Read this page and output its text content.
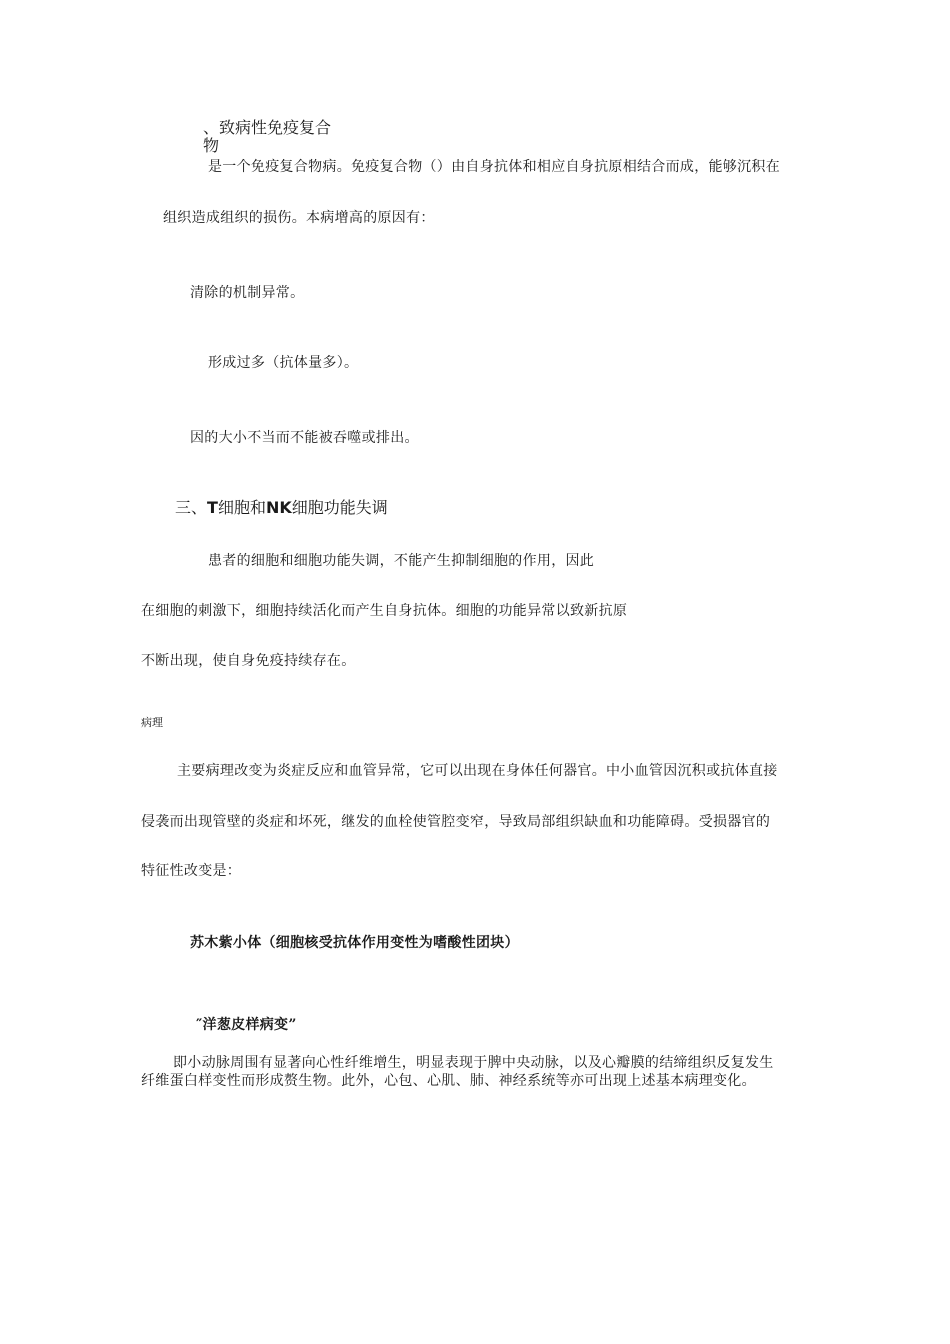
、致病性免疫复合
物
是一个免疫复合物病。免疫复合物（）由自身抗体和相应自身抗原相结合而成，能够沉积在
组织造成组织的损伤。本病增高的原因有：
清除的机制异常。
形成过多（抗体量多）。
因的大小不当而不能被吞噬或排出。
三、T细胞和NK细胞功能失调
患者的细胞和细胞功能失调，不能产生抑制细胞的作用，因此
在细胞的刺激下，细胞持续活化而产生自身抗体。细胞的功能异常以致新抗原
不断出现，使自身免疫持续存在。
病理
主要病理改变为炎症反应和血管异常，它可以出现在身体任何器官。中小血管因沉积或抗体直接
侵袭而出现管壁的炎症和坏死，继发的血栓使管腔变窄，导致局部组织缺血和功能障碍。受损器官的
特征性改变是：
苏木紫小体（细胞核受抗体作用变性为嗜酸性团块）
″洋葱皮样病变”
即小动脉周围有显著向心性纤维增生，明显表现于脾中央动脉，以及心瓣膜的结缔组织反复发生
纤维蛋白样变性而形成赘生物。此外，心包、心肌、肺、神经系统等亦可出现上述基本病理变化。
